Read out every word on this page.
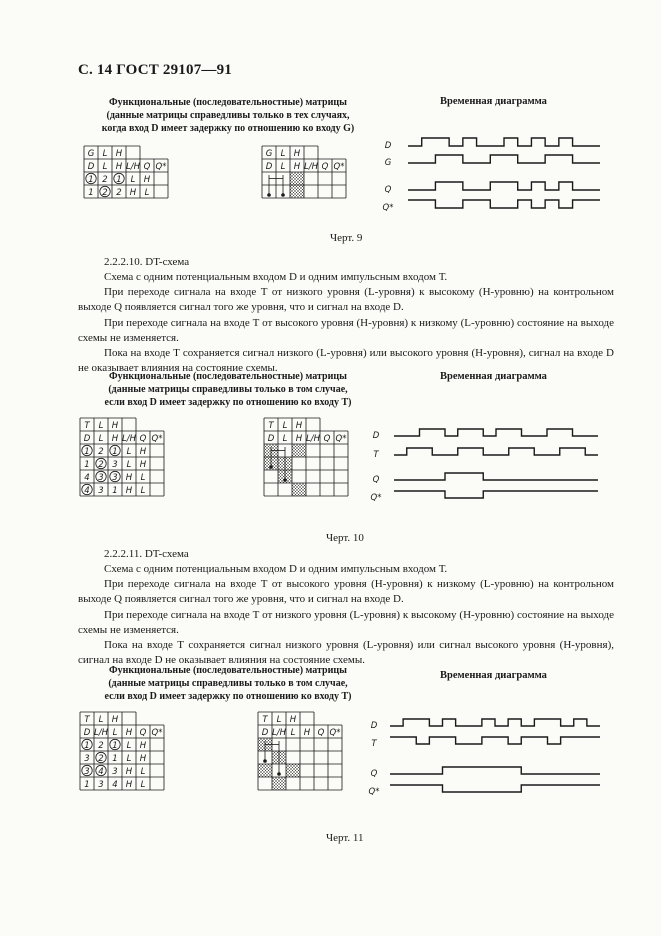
С. 14 ГОСТ 29107—91
Функциональные (последовательностные) матрицы
(данные матрицы справедливы только в тех случаях,
когда вход D имеет задержку по отношению ко входу G)
Временная диаграмма
G L H
D L H L/H Q Q*
1 2 1 L H
1 2 2 H L
G L H
D L H L/H Q Q*
D
G
Q
Q*
Черт. 9
2.2.2.10. DT-схема
Схема с одним потенциальным входом D и одним импульсным входом Т.
При переходе сигнала на входе Т от низкого уровня (L-уровня) к высокому (Н-уровню) на контрольном выходе Q появляется сигнал того же уровня, что и сигнал на входе D.
При переходе сигнала на входе Т от высокого уровня (Н-уровня) к низкому (L-уровню) состояние на выходе схемы не изменяется.
Пока на входе Т сохраняется сигнал низкого (L-уровня) или высокого уровня (Н-уровня), сигнал на входе D не оказывает влияния на состояние схемы.
Функциональные (последовательностные) матрицы
(данные матрицы справедливы только в том случае,
если вход D имеет задержку по отношению ко входу Т)
Временная диаграмма
T L H
D L H L/H Q Q*
1 2 1 L H
1 2 3 L H
4 3 3 H L
4 3 1 H L
T L H
D L H L/H Q Q*	D
T
Q
Q*
Черт. 10
2.2.2.11. DT-схема
Схема с одним потенциальным входом D и одним импульсным входом Т.
При переходе сигнала на входе Т от высокого уровня (Н-уровня) к низкому (L-уровню) на контрольном выходе Q появляется сигнал того же уровня, что и сигнал на входе D.
При переходе сигнала на входе Т от низкого уровня (L-уровня) к высокому (Н-уровню) состояние на выходе схемы не изменяется.
Пока на входе Т сохраняется сигнал низкого уровня (L-уровня) или сигнал высокого уровня (Н-уровня), сигнал на входе D не оказывает влияния на состояние схемы.
Функциональные (последовательностные) матрицы
(данные матрицы справедливы только в том случае,
если вход D имеет задержку по отношению ко входу Т)
Временная диаграмма
T L H
D L/H L H Q Q*
1 2 1 L H
3 2 1 L H
3 4 3 H L
1 3 4 H L
T L H
D L/H L H Q Q*
D
T
Q
Q*
Черт. 11
